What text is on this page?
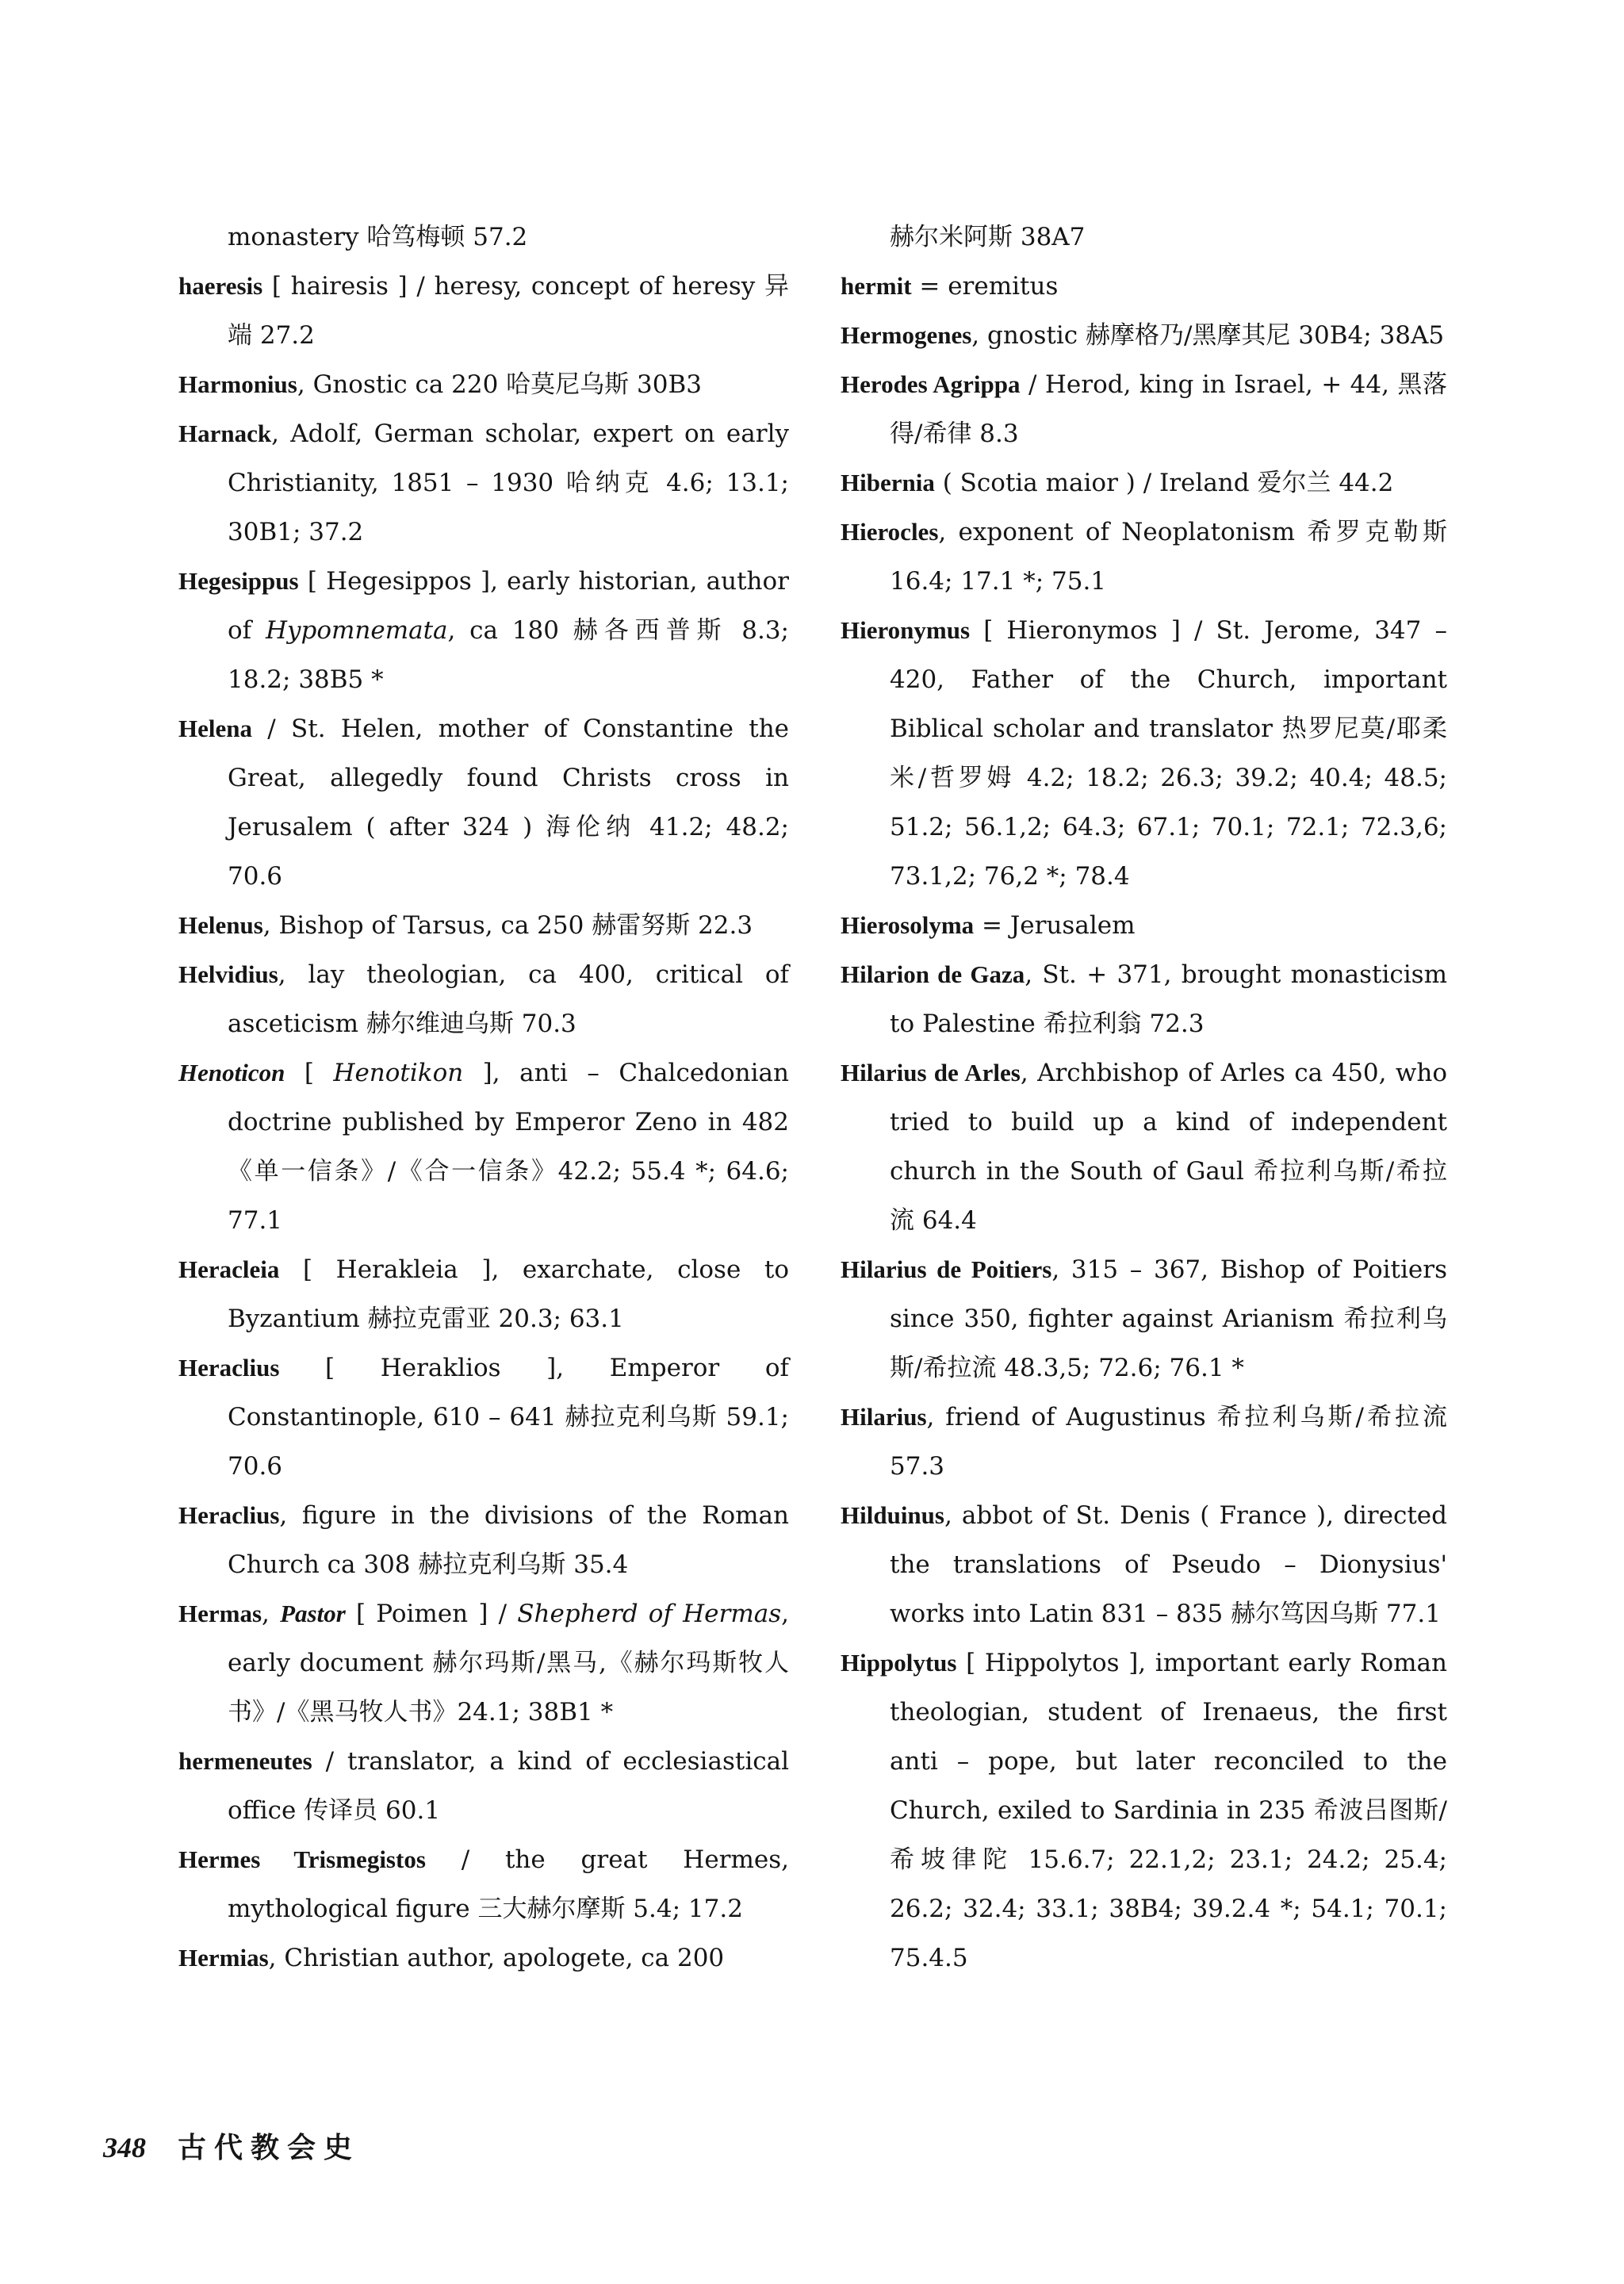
monastery 哈笃梅顿 57.2

haeresis [ hairesis ] / heresy, concept of heresy 异端 27.2

Harmonius, Gnostic ca 220 哈莫尼乌斯 30B3

Harnack, Adolf, German scholar, expert on early Christianity, 1851 – 1930 哈纳克 4.6; 13.1; 30B1; 37.2

Hegesippus [ Hegesippos ], early historian, author of Hypomnemata, ca 180 赫各西普斯 8.3; 18.2; 38B5 *

Helena / St. Helen, mother of Constantine the Great, allegedly found Christs cross in Jerusalem ( after 324 ) 海伦纳 41.2; 48.2; 70.6

Helenus, Bishop of Tarsus, ca 250 赫雷努斯 22.3

Helvidius, lay theologian, ca 400, critical of asceticism 赫尔维迪乌斯 70.3

Henoticon [ Henotikon ], anti – Chalcedonian doctrine published by Emperor Zeno in 482 《单一信条》/《合一信条》42.2; 55.4 *; 64.6; 77.1

Heracleia [ Herakleia ], exarchate, close to Byzantium 赫拉克雷亚 20.3; 63.1

Heraclius [ Heraklios ], Emperor of Constantinople, 610 – 641 赫拉克利乌斯 59.1; 70.6

Heraclius, figure in the divisions of the Roman Church ca 308 赫拉克利乌斯 35.4

Hermas, Pastor [ Poimen ] / Shepherd of Hermas, early document 赫尔玛斯/黑马,《赫尔玛斯牧人书》/《黑马牧人书》24.1; 38B1 *

hermeneutes / translator, a kind of ecclesiastical office 传译员 60.1

Hermes Trismegistos / the great Hermes, mythological figure 三大赫尔摩斯 5.4; 17.2

Hermias, Christian author, apologete, ca 200

赫尔米阿斯 38A7

hermit = eremitus

Hermogenes, gnostic 赫摩格乃/黑摩其尼 30B4; 38A5

Herodes Agrippa / Herod, king in Israel, + 44, 黑落得/希律 8.3

Hibernia ( Scotia maior ) / Ireland 爱尔兰 44.2

Hierocles, exponent of Neoplatonism 希罗克勒斯 16.4; 17.1 *; 75.1

Hieronymus [ Hieronymos ] / St. Jerome, 347 – 420, Father of the Church, important Biblical scholar and translator 热罗尼莫/耶柔米/哲罗姆 4.2; 18.2; 26.3; 39.2; 40.4; 48.5; 51.2; 56.1,2; 64.3; 67.1; 70.1; 72.1; 72.3,6; 73.1,2; 76,2 *; 78.4

Hierosolyma = Jerusalem

Hilarion de Gaza, St. + 371, brought monasticism to Palestine 希拉利翁 72.3

Hilarius de Arles, Archbishop of Arles ca 450, who tried to build up a kind of independent church in the South of Gaul 希拉利乌斯/希拉流 64.4

Hilarius de Poitiers, 315 – 367, Bishop of Poitiers since 350, fighter against Arianism 希拉利乌斯/希拉流 48.3,5; 72.6; 76.1 *

Hilarius, friend of Augustinus 希拉利乌斯/希拉流 57.3

Hilduinus, abbot of St. Denis ( France ), directed the translations of Pseudo – Dionysius' works into Latin 831 – 835 赫尔笃因乌斯 77.1

Hippolytus [ Hippolytos ], important early Roman theologian, student of Irenaeus, the first anti – pope, but later reconciled to the Church, exiled to Sardinia in 235 希波吕图斯/希坡律陀 15.6.7; 22.1,2; 23.1; 24.2; 25.4; 26.2; 32.4; 33.1; 38B4; 39.2.4 *; 54.1; 70.1; 75.4.5

348 古代教会史
